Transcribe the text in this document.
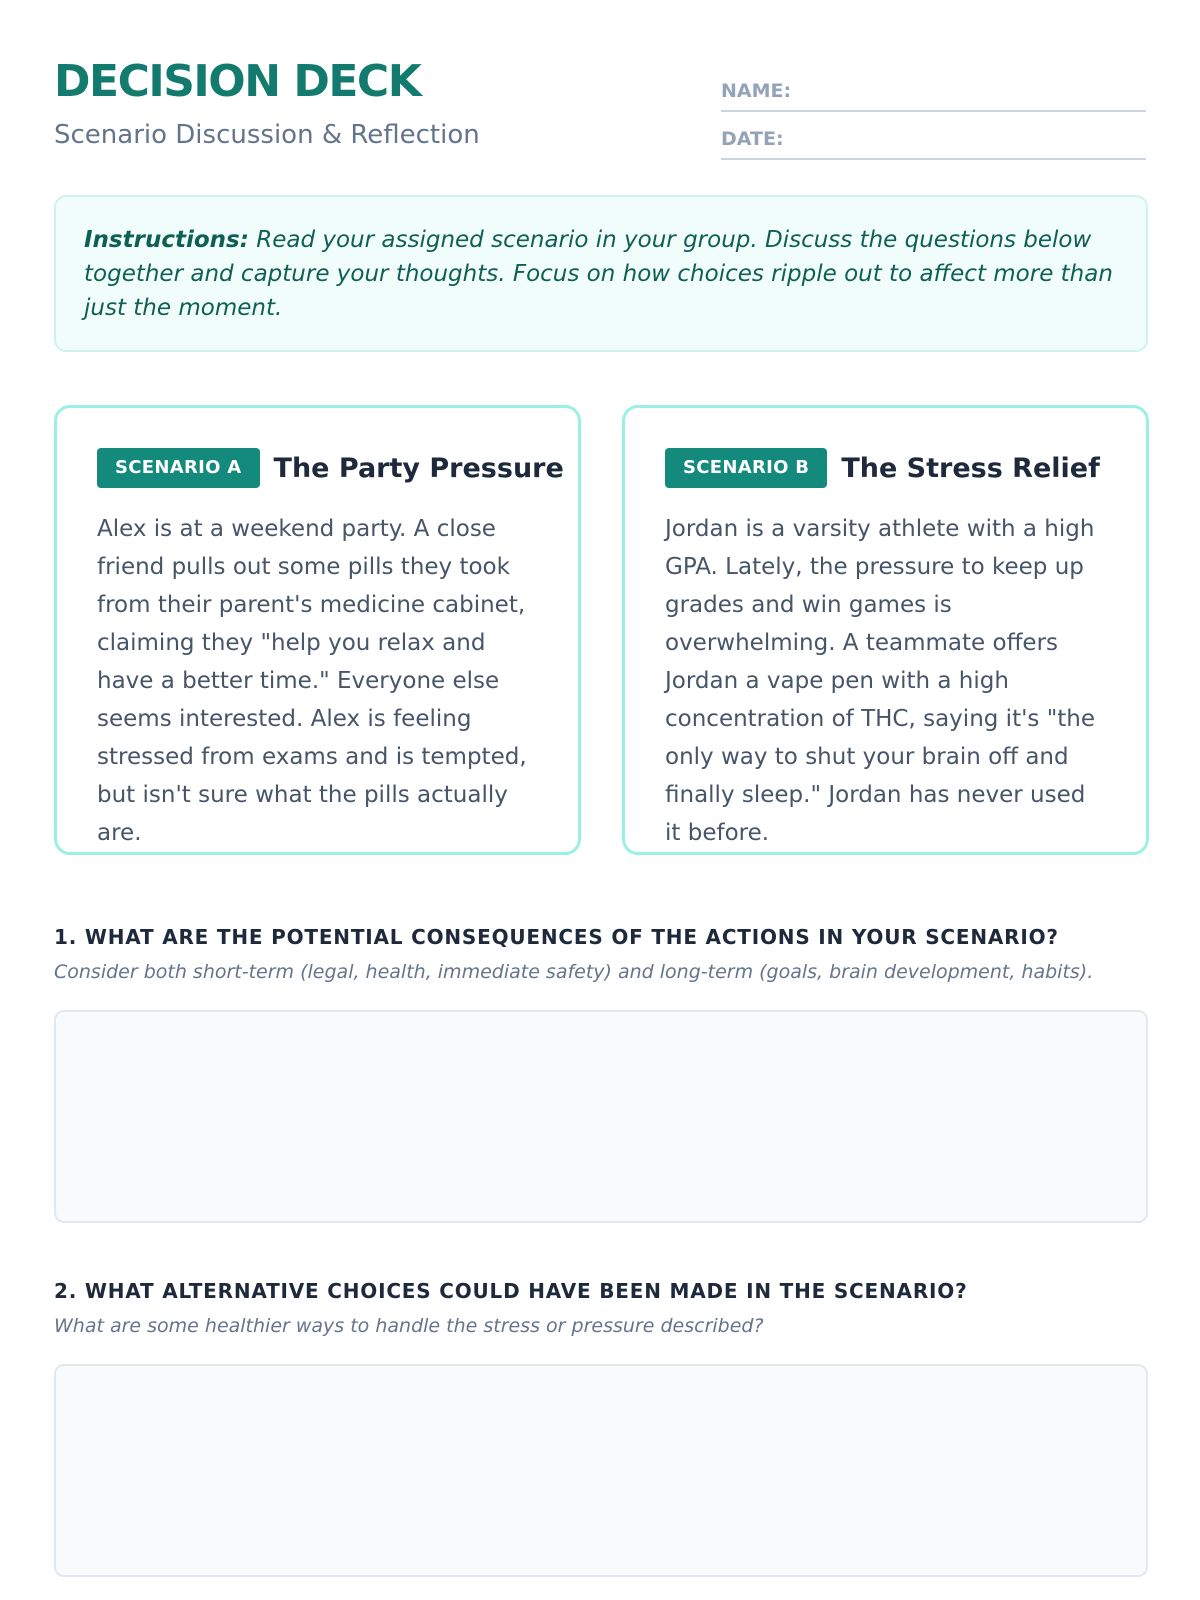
DECISION DECK
Scenario Discussion & Reflection
NAME:
DATE:
Instructions: Read your assigned scenario in your group. Discuss the questions below together and capture your thoughts. Focus on how choices ripple out to affect more than just the moment.
SCENARIO A	The Party Pressure

Alex is at a weekend party. A close friend pulls out some pills they took from their parent's medicine cabinet, claiming they "help you relax and have a better time." Everyone else seems interested. Alex is feeling stressed from exams and is tempted, but isn't sure what the pills actually are.

SCENARIO B	The Stress Relief

Jordan is a varsity athlete with a high GPA. Lately, the pressure to keep up grades and win games is overwhelming. A teammate offers Jordan a vape pen with a high concentration of THC, saying it's "the only way to shut your brain off and finally sleep." Jordan has never used it before.

1. WHAT ARE THE POTENTIAL CONSEQUENCES OF THE ACTIONS IN YOUR SCENARIO?
Consider both short-term (legal, health, immediate safety) and long-term (goals, brain development, habits).
2. WHAT ALTERNATIVE CHOICES COULD HAVE BEEN MADE IN THE SCENARIO?
What are some healthier ways to handle the stress or pressure described?
